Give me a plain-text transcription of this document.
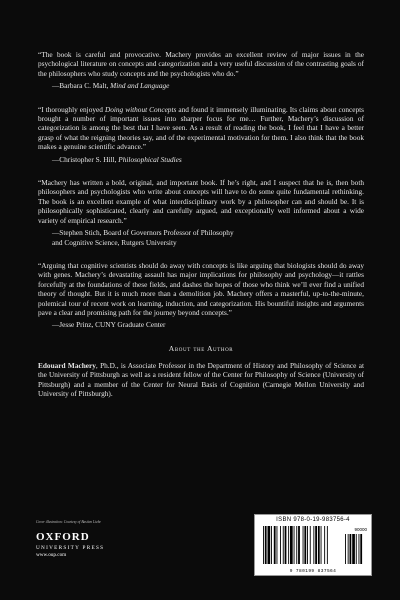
“The book is careful and provocative. Machery provides an excellent review of major issues in the psychological literature on concepts and categorization and a very useful discussion of the contrasting goals of the philosophers who study concepts and the psychologists who do.”

—Barbara C. Malt, Mind and Language

“I thoroughly enjoyed Doing without Concepts and found it immensely illuminating. Its claims about concepts brought a number of important issues into sharper focus for me… Further, Machery’s discussion of categorization is among the best that I have seen. As a result of reading the book, I feel that I have a better grasp of what the reigning theories say, and of the experimental motivation for them. I also think that the book makes a genuine scientific advance.”

—Christopher S. Hill, Philosophical Studies

“Machery has written a bold, original, and important book. If he’s right, and I suspect that he is, then both philosophers and psychologists who write about concepts will have to do some quite fundamental rethinking. The book is an excellent example of what interdisciplinary work by a philosopher can and should be. It is philosophically sophisticated, clearly and carefully argued, and exceptionally well informed about a wide variety of empirical research.”

—Stephen Stich, Board of Governors Professor of Philosophy
and Cognitive Science, Rutgers University

“Arguing that cognitive scientists should do away with concepts is like arguing that biologists should do away with genes. Machery’s devastating assault has major implications for philosophy and psychology—it rattles forcefully at the foundations of these fields, and dashes the hopes of those who think we’ll ever find a unified theory of thought. But it is much more than a demolition job. Machery offers a masterful, up-to-the-minute, polemical tour of recent work on learning, induction, and categorization. His bountiful insights and arguments pave a clear and promising path for the journey beyond concepts.”

—Jesse Prinz, CUNY Graduate Center

About the Author

Edouard Machery, Ph.D., is Associate Professor in the Department of History and Philosophy of Science at the University of Pittsburgh as well as a resident fellow of the Center for Philosophy of Science (University of Pittsburgh) and a member of the Center for Neural Basis of Cognition (Carnegie Mellon University and University of Pittsburgh).

Cover illustration: Courtesy of Bastien Liebe
OXFORD
UNIVERSITY PRESS
www.oup.com
ISBN 978-0-19-983756-4
90000
9 780199 837564
